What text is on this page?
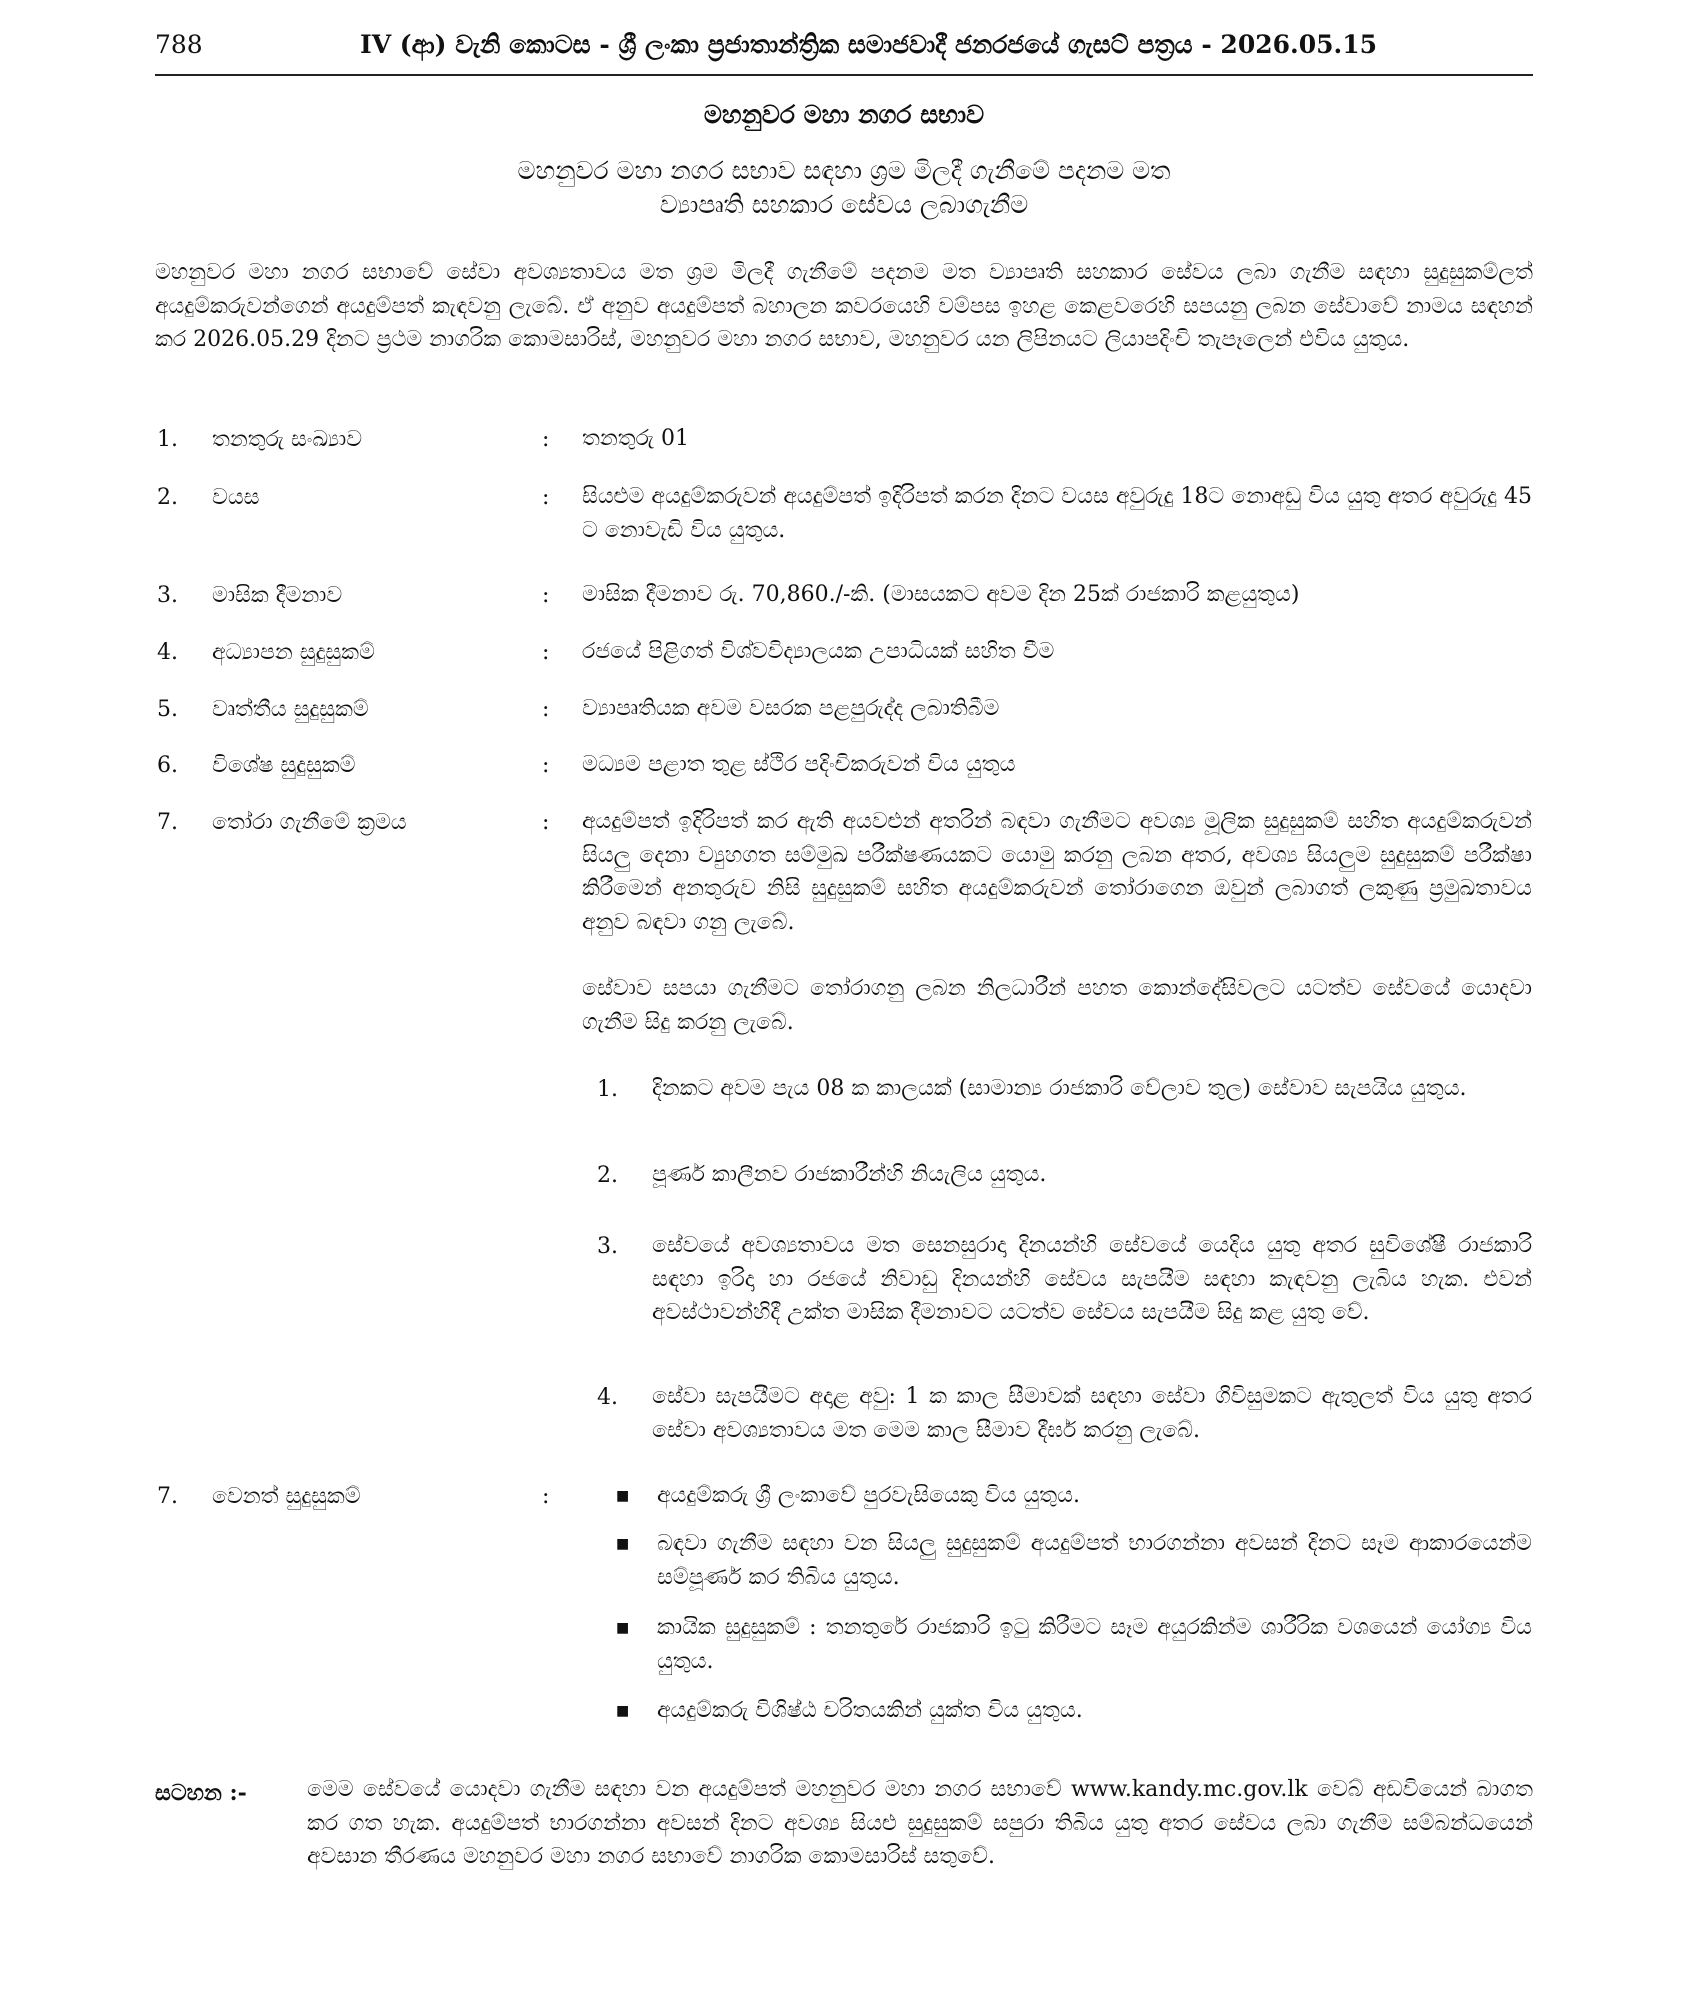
788	IV (ආ) වැනි කොටස - ශ්‍රී ලංකා ප්‍රජාතාන්ත්‍රික සමාජවාදී ජනරජයේ ගැසට් පත්‍රය - 2026.05.15
මහනුවර මහා නගර සභාව
මහනුවර මහා නගර සභාව සඳහා ශ්‍රම මිලදී ගැනීමේ පදනම මත
ව්‍යාපෘති සහකාර සේවය ලබාගැනීම
මහනුවර මහා නගර සභාවේ සේවා අවශ්‍යතාවය මත ශ්‍රම මිලදී ගැනීමේ පදනම මත ව්‍යාපෘති සහකාර සේවය ලබා ගැනීම සඳහා සුදුසුකම්ලත් අයදුම්කරුවන්ගෙන් අයදුම්පත් කැඳවනු ලැබේ. ඒ අනුව අයදුම්පත් බහාලන කවරයෙහි වම්පස ඉහළ කෙළවරෙහි සපයනු ලබන සේවාවේ නාමය සඳහන් කර 2026.05.29 දිනට ප්‍රථම නාගරික කොමසාරිස්, මහනුවර මහා නගර සභාව, මහනුවර යන ලිපිනයට ලියාපදිංචි තැපෑලෙන් එවිය යුතුය.
1. තනතුරු සංඛ්‍යාව	: තනතුරු 01
2. වයස	: සියළුම අයදුම්කරුවන් අයදුම්පත් ඉදිරිපත් කරන දිනට වයස අවුරුදු 18ට නොඅඩු විය යුතු අතර අවුරුදු 45 ට නොවැඩි විය යුතුය.
3. මාසික දීමනාව	: මාසික දීමනාව රු. 70,860./-කි. (මාසයකට අවම දින 25ක් රාජකාරි කළයුතුය)
4. අධ්‍යාපන සුදුසුකම්	: රජයේ පිළිගත් විශ්වවිද්‍යාලයක උපාධියක් සහිත වීම
5. වෘත්තීය සුදුසුකම්	: ව්‍යාපෘතියක අවම වසරක පළපුරුද්ද ලබාතිබීම
6. විශේෂ සුදුසුකම්	: මධ්‍යම පළාත තුළ ස්ථිර පදිංචිකරුවන් විය යුතුය
7. තෝරා ගැනීමේ ක්‍රමය	: අයදුම්පත් ඉදිරිපත් කර ඇති අයවළුන් අතරින් බඳවා ගැනීමට අවශ්‍ය මූලික සුදුසුකම් සහිත අයදුම්කරුවන් සියලු දෙනා ව්‍යුහගත සම්මුඛ පරීක්ෂණයකට යොමු කරනු ලබන අතර, අවශ්‍ය සියලුම සුදුසුකම් පරීක්ෂා කිරීමෙන් අනතුරුව නිසි සුදුසුකම් සහිත අයදුම්කරුවන් තෝරාගෙන ඔවුන් ලබාගත් ලකුණු ප්‍රමුඛතාවය අනුව බඳවා ගනු ලැබේ.
සේවාව සපයා ගැනීමට තෝරාගනු ලබන නිලධාරීන් පහත කොන්දේසිවලට යටත්ව සේවයේ යොදවා ගැනීම සිදු කරනු ලැබේ.
1. දිනකට අවම පැය 08 ක කාලයක් (සාමාන්‍ය රාජකාරි වේලාව තුල) සේවාව සැපයිය යුතුය.
2. පූර්ණ කාලීනව රාජකාරීන්හි නියැලිය යුතුය.
3. සේවයේ අවශ්‍යතාවය මත සෙනසුරාදා දිනයන්හි සේවයේ යෙදිය යුතු අතර සුවිශේෂී රාජකාරි සඳහා ඉරිදා හා රජයේ නිවාඩු දිනයන්හි සේවය සැපයීම සඳහා කැඳවනු ලැබිය හැක. එවන් අවස්ථාවන්හිදී උක්ත මාසික දීමනාවට යටත්ව සේවය සැපයීම සිදු කළ යුතු වේ.
4. සේවා සැපයීමට අදාළ අවු: 1 ක කාල සීමාවක් සඳහා සේවා ගිවිසුමකට ඇතුලත් විය යුතු අතර සේවා අවශ්‍යතාවය මත මෙම කාල සීමාව දීර්ඝ කරනු ලැබේ.
7. වෙනත් සුදුසුකම්	:	■ අයදුම්කරු ශ්‍රී ලංකාවේ පුරවැසියෙකු විය යුතුය.
■ බඳවා ගැනීම සඳහා වන සියලු සුදුසුකම් අයදුම්පත් භාරගන්නා අවසන් දිනට සෑම ආකාරයෙන්ම සම්පූර්ණ කර තිබිය යුතුය.
■ කායික සුදුසුකම් : තනතුරේ රාජකාරි ඉටු කිරීමට සෑම අයුරකින්ම ශාරීරික වශයෙන් යෝග්‍ය විය යුතුය.
■ අයදුම්කරු විශිෂ්ඨ චරිතයකින් යුක්ත විය යුතුය.
සටහන :-	මෙම සේවයේ යොදවා ගැනීම සඳහා වන අයදුම්පත් මහනුවර මහා නගර සභාවේ www.kandy.mc.gov.lk වෙබ් අඩවියෙන් බාගත කර ගත හැක. අයදුම්පත් භාරගන්නා අවසන් දිනට අවශ්‍ය සියළු සුදුසුකම් සපුරා තිබිය යුතු අතර සේවය ලබා ගැනීම සම්බන්ධයෙන් අවසාන තීරණය මහනුවර මහා නගර සභාවේ නාගරික කොමසාරිස් සතුවේ.
